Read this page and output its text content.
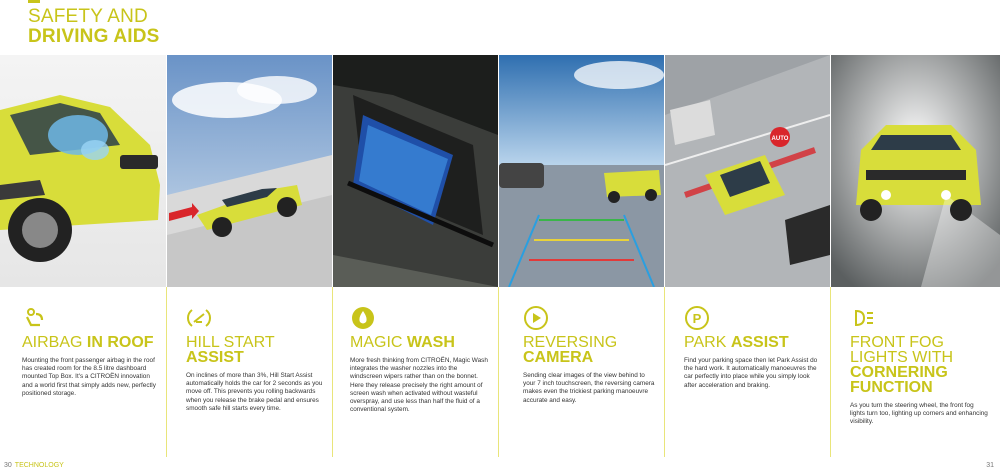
SAFETY AND
DRIVING AIDS
AUTO
AIRBAG IN ROOF
Mounting the front passenger airbag in the roof has created room for the 8.5 litre dashboard mounted Top Box. It's a CITROËN innovation and a world first that simply adds new, perfectly positioned storage.
HILL START
ASSIST
On inclines of more than 3%, Hill Start Assist automatically holds the car for 2 seconds as you move off. This prevents you rolling backwards when you release the brake pedal and ensures smooth safe hill starts every time.
MAGIC WASH
More fresh thinking from CITROËN, Magic Wash integrates the washer nozzles into the windscreen wipers rather than on the bonnet. Here they release precisely the right amount of screen wash when activated without wasteful overspray, and use less than half the fluid of a conventional system.
REVERSING
CAMERA
Sending clear images of the view behind to your 7 inch touchscreen, the reversing camera makes even the trickiest parking manoeuvre accurate and easy.
P
PARK ASSIST
Find your parking space then let Park Assist do the hard work. It automatically manoeuvres the car perfectly into place while you simply look after acceleration and braking.
FRONT FOG
LIGHTS WITH
CORNERING
FUNCTION
As you turn the steering wheel, the front fog lights turn too, lighting up corners and enhancing visibility.
30 TECHNOLOGY	31
